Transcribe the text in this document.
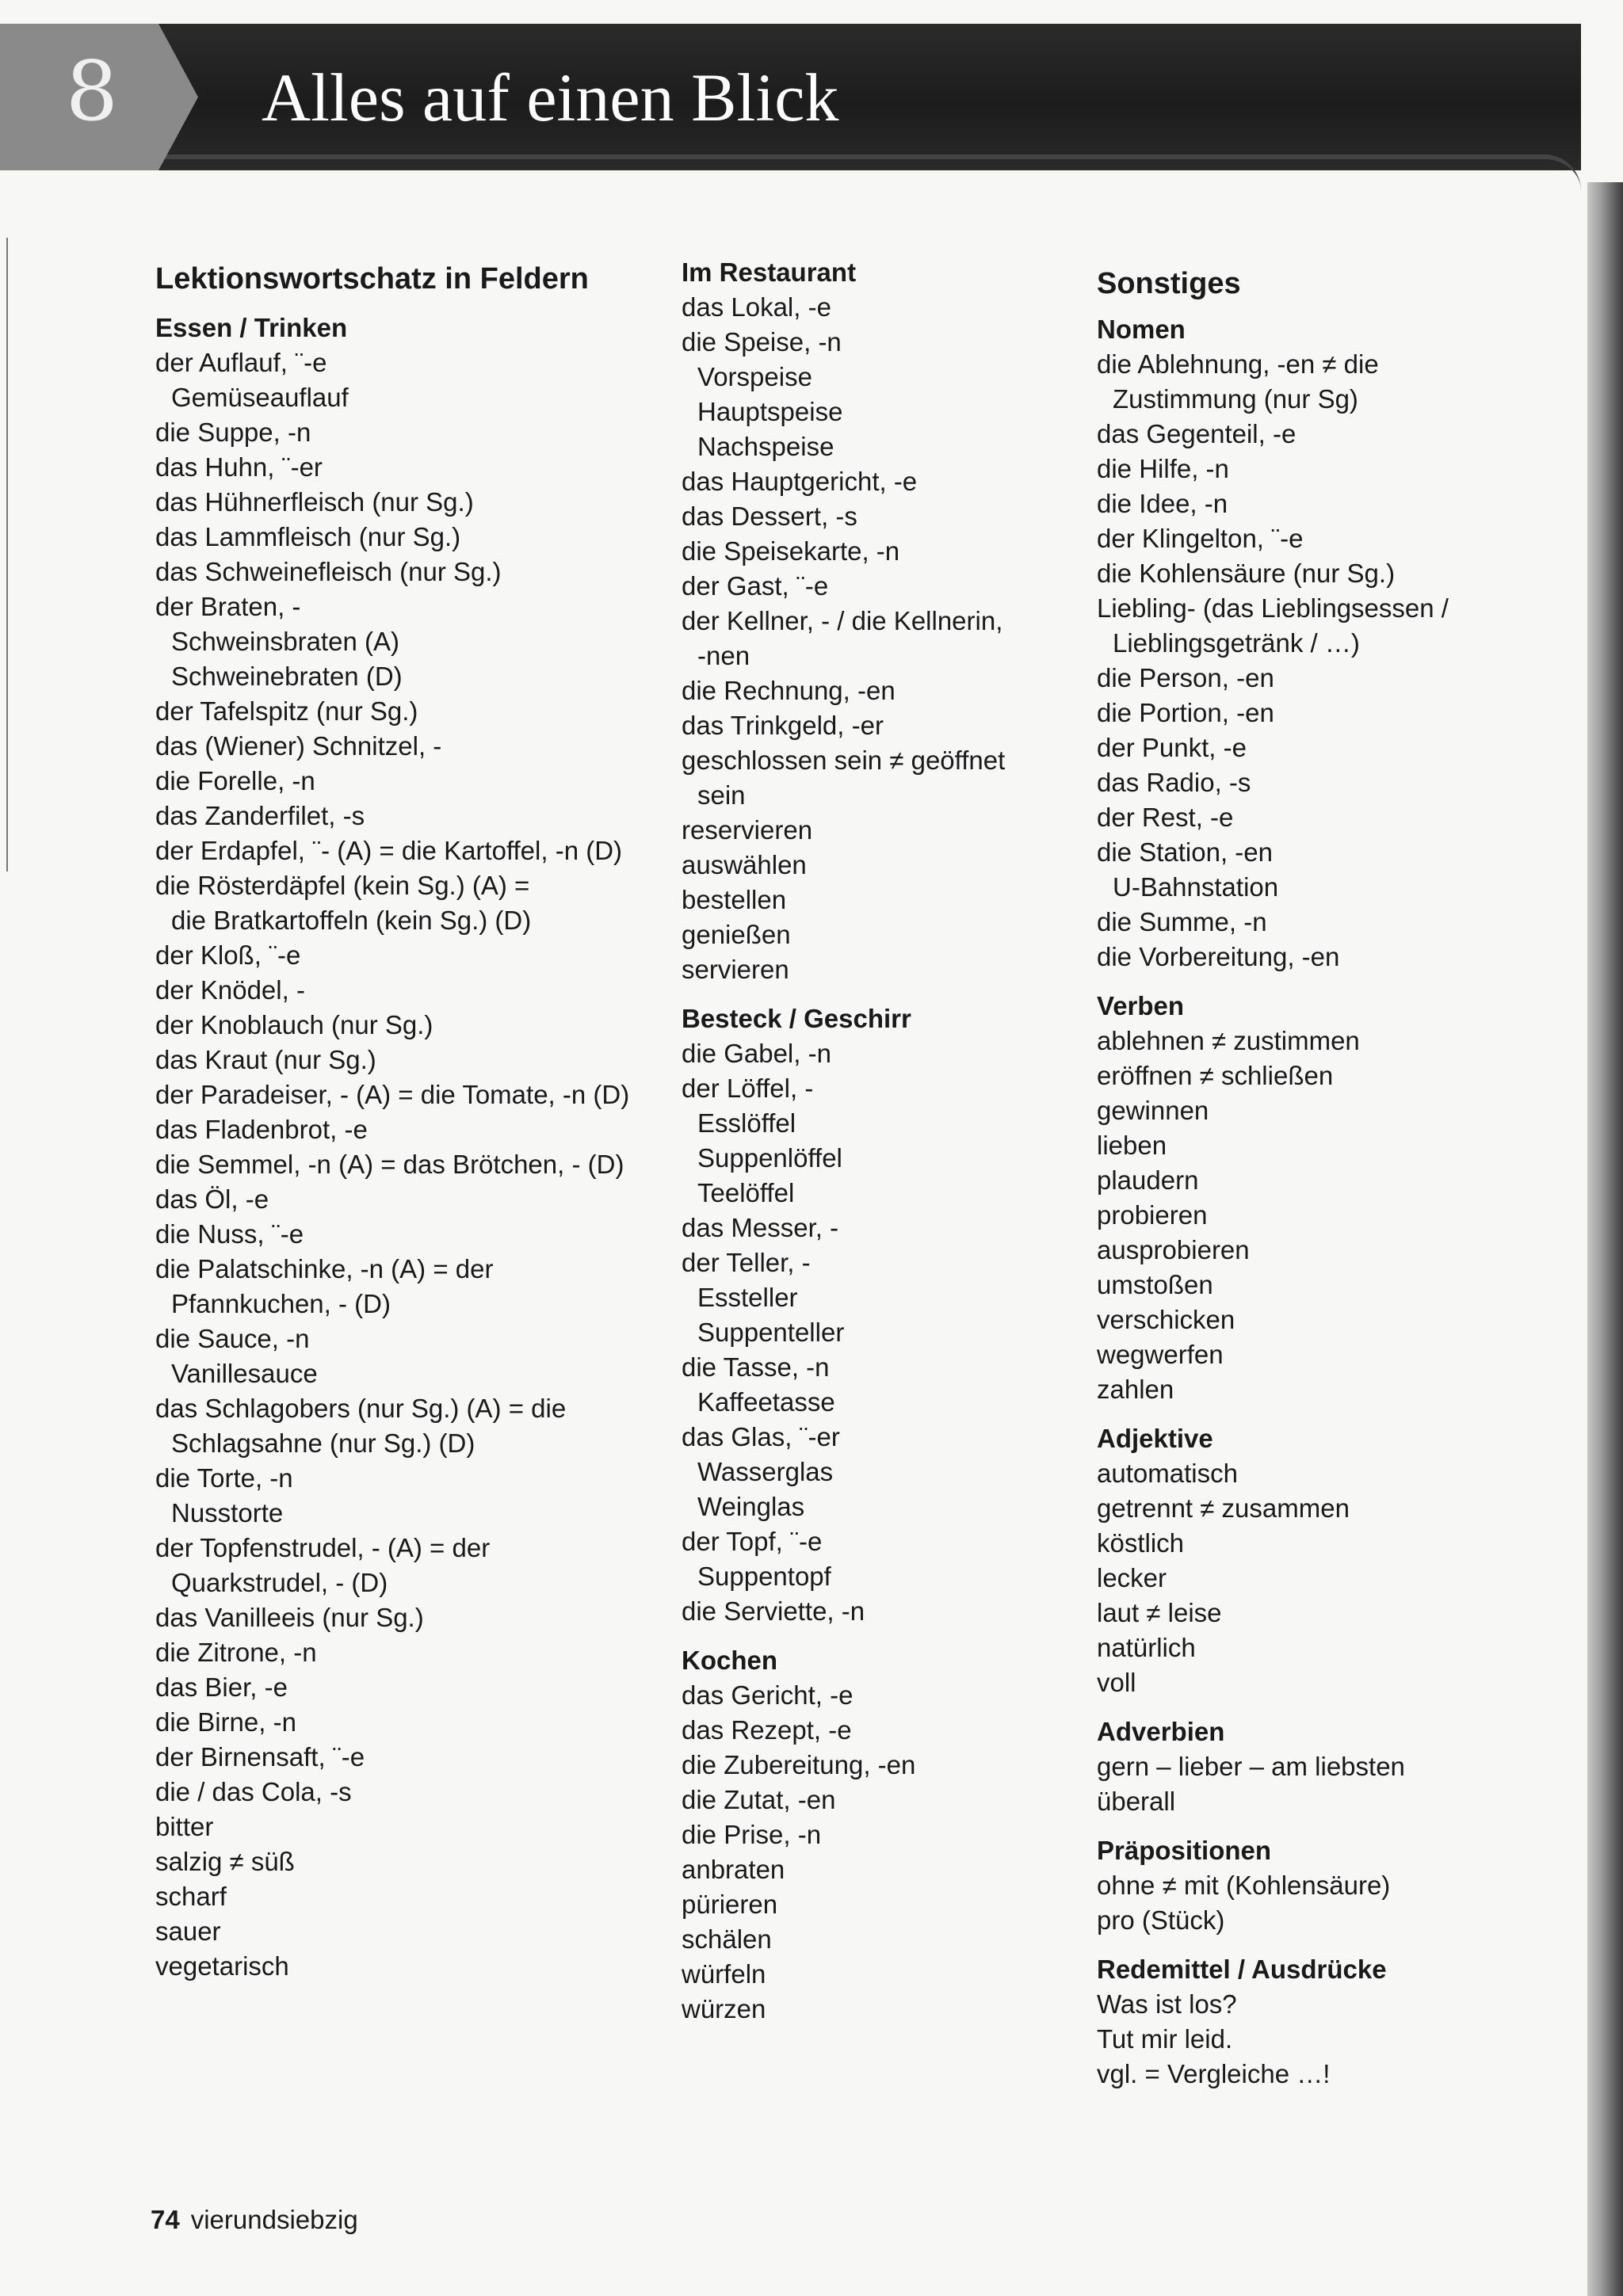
8 Alles auf einen Blick
Lektionswortschatz in Feldern
Essen / Trinken
der Auflauf, ¨-e
Gemüseauflauf
die Suppe, -n
das Huhn, ¨-er
das Hühnerfleisch (nur Sg.)
das Lammfleisch (nur Sg.)
das Schweinefleisch (nur Sg.)
der Braten, -
Schweinsbraten (A)
Schweinebraten (D)
der Tafelspitz (nur Sg.)
das (Wiener) Schnitzel, -
die Forelle, -n
das Zanderfilet, -s
der Erdapfel, ¨- (A) = die Kartoffel, -n (D)
die Rösterdäpfel (kein Sg.) (A) =
die Bratkartoffeln (kein Sg.) (D)
der Kloß, ¨-e
der Knödel, -
der Knoblauch (nur Sg.)
das Kraut (nur Sg.)
der Paradeiser, - (A) = die Tomate, -n (D)
das Fladenbrot, -e
die Semmel, -n (A) = das Brötchen, - (D)
das Öl, -e
die Nuss, ¨-e
die Palatschinke, -n (A) = der
Pfannkuchen, - (D)
die Sauce, -n
Vanillesauce
das Schlagobers (nur Sg.) (A) = die
Schlagsahne (nur Sg.) (D)
die Torte, -n
Nusstorte
der Topfenstrudel, - (A) = der
Quarkstrudel, - (D)
das Vanilleeis (nur Sg.)
die Zitrone, -n
das Bier, -e
die Birne, -n
der Birnensaft, ¨-e
die / das Cola, -s
bitter
salzig ≠ süß
scharf
sauer
vegetarisch
Im Restaurant
das Lokal, -e
die Speise, -n
Vorspeise
Hauptspeise
Nachspeise
das Hauptgericht, -e
das Dessert, -s
die Speisekarte, -n
der Gast, ¨-e
der Kellner, - / die Kellnerin,
-nen
die Rechnung, -en
das Trinkgeld, -er
geschlossen sein ≠ geöffnet
sein
reservieren
auswählen
bestellen
genießen
servieren
Besteck / Geschirr
die Gabel, -n
der Löffel, -
Esslöffel
Suppenlöffel
Teelöffel
das Messer, -
der Teller, -
Essteller
Suppenteller
die Tasse, -n
Kaffeetasse
das Glas, ¨-er
Wasserglas
Weinglas
der Topf, ¨-e
Suppentopf
die Serviette, -n
Kochen
das Gericht, -e
das Rezept, -e
die Zubereitung, -en
die Zutat, -en
die Prise, -n
anbraten
pürieren
schälen
würfeln
würzen
Sonstiges
Nomen
die Ablehnung, -en ≠ die
Zustimmung (nur Sg)
das Gegenteil, -e
die Hilfe, -n
die Idee, -n
der Klingelton, ¨-e
die Kohlensäure (nur Sg.)
Liebling- (das Lieblingsessen /
Lieblingsgetränk / …)
die Person, -en
die Portion, -en
der Punkt, -e
das Radio, -s
der Rest, -e
die Station, -en
U-Bahnstation
die Summe, -n
die Vorbereitung, -en
Verben
ablehnen ≠ zustimmen
eröffnen ≠ schließen
gewinnen
lieben
plaudern
probieren
ausprobieren
umstoßen
verschicken
wegwerfen
zahlen
Adjektive
automatisch
getrennt ≠ zusammen
köstlich
lecker
laut ≠ leise
natürlich
voll
Adverbien
gern – lieber – am liebsten
überall
Präpositionen
ohne ≠ mit (Kohlensäure)
pro (Stück)
Redemittel / Ausdrücke
Was ist los?
Tut mir leid.
vgl. = Vergleiche …!
74 vierundsiebzig
